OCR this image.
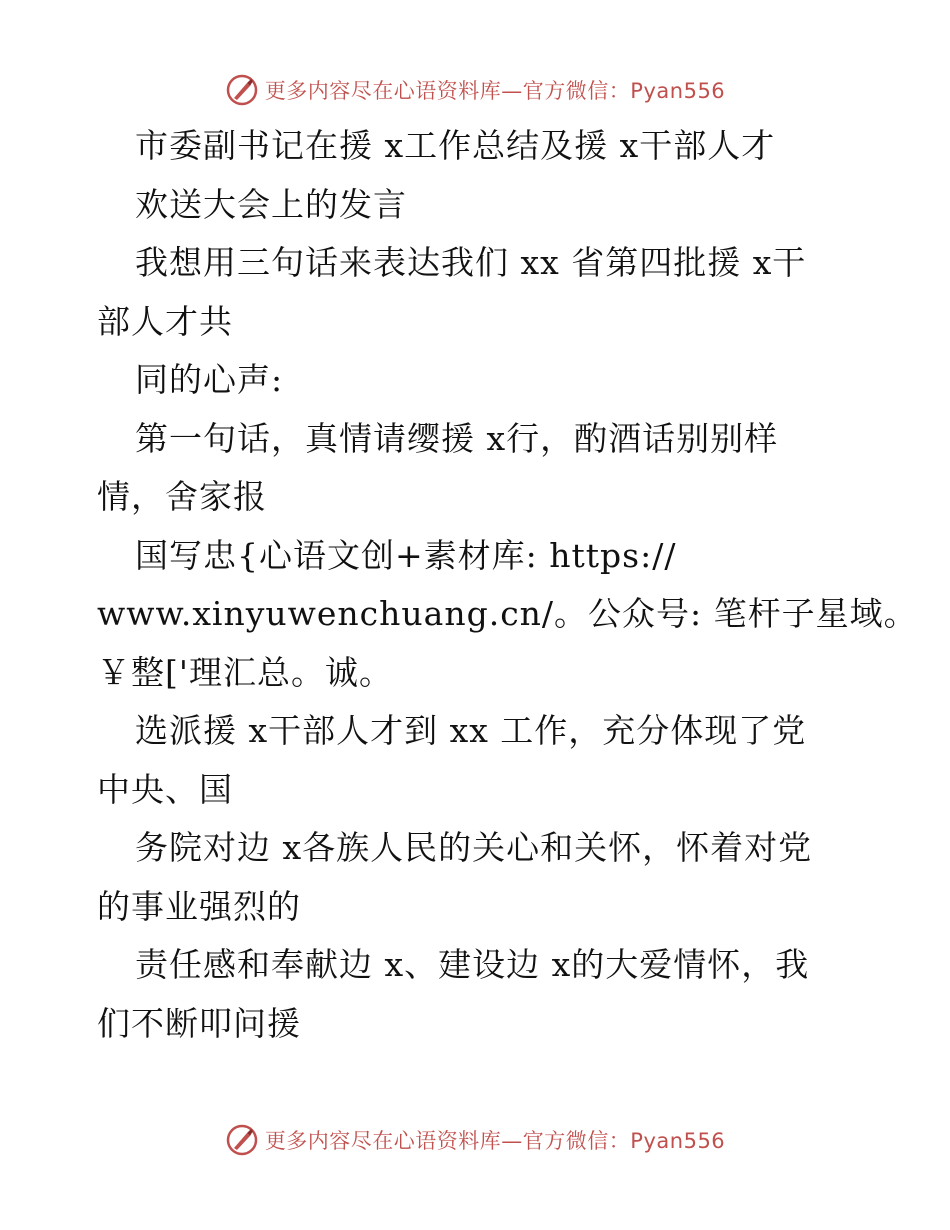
更多内容尽在心语资料库—官方微信：Pyan556
市委副书记在援 x工作总结及援 x干部人才
欢送大会上的发言
我想用三句话来表达我们 xx 省第四批援 x干
部人才共
同的心声:
第一句话，真情请缨援 x行，酌酒话别别样
情，舍家报
国写忠{心语文创+素材库: https://
www.xinyuwenchuang.cn/。公众号: 笔杆子星域。
￥整['理汇总。诚。
选派援 x干部人才到 xx 工作，充分体现了党
中央、国
务院对边 x各族人民的关心和关怀，怀着对党
的事业强烈的
责任感和奉献边 x、建设边 x的大爱情怀，我
们不断叩问援
更多内容尽在心语资料库—官方微信：Pyan556
